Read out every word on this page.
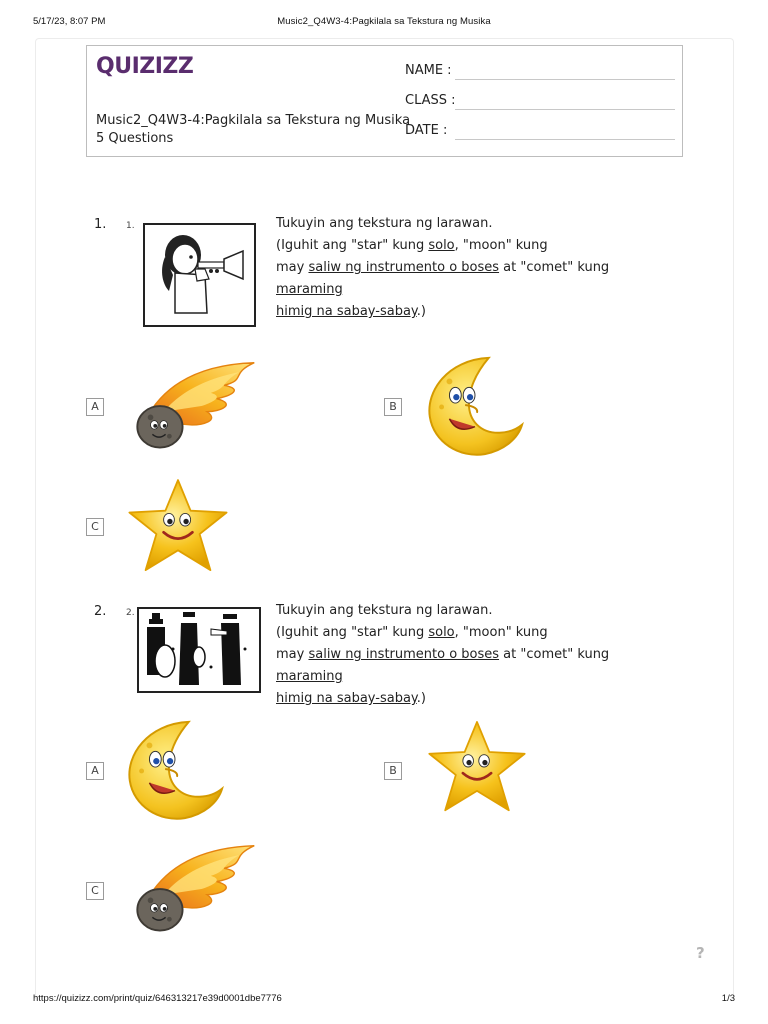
5/17/23, 8:07 PM	Music2_Q4W3-4:Pagkilala sa Tekstura ng Musika
QUIZIZZ
Music2_Q4W3-4:Pagkilala sa Tekstura ng Musika
5 Questions
NAME :
CLASS :
DATE :
1. 1.	Tukuyin ang tekstura ng larawan.
(Iguhit ang "star" kung solo, "moon" kung
may saliw ng instrumento o boses at "comet" kung maraming
himig na sabay-sabay.)
A	B
C
2. 2.	Tukuyin ang tekstura ng larawan.
(Iguhit ang "star" kung solo, "moon" kung
may saliw ng instrumento o boses at "comet" kung maraming
himig na sabay-sabay.)
A	B
C
?
https://quizizz.com/print/quiz/646313217e39d0001dbe7776	1/3
